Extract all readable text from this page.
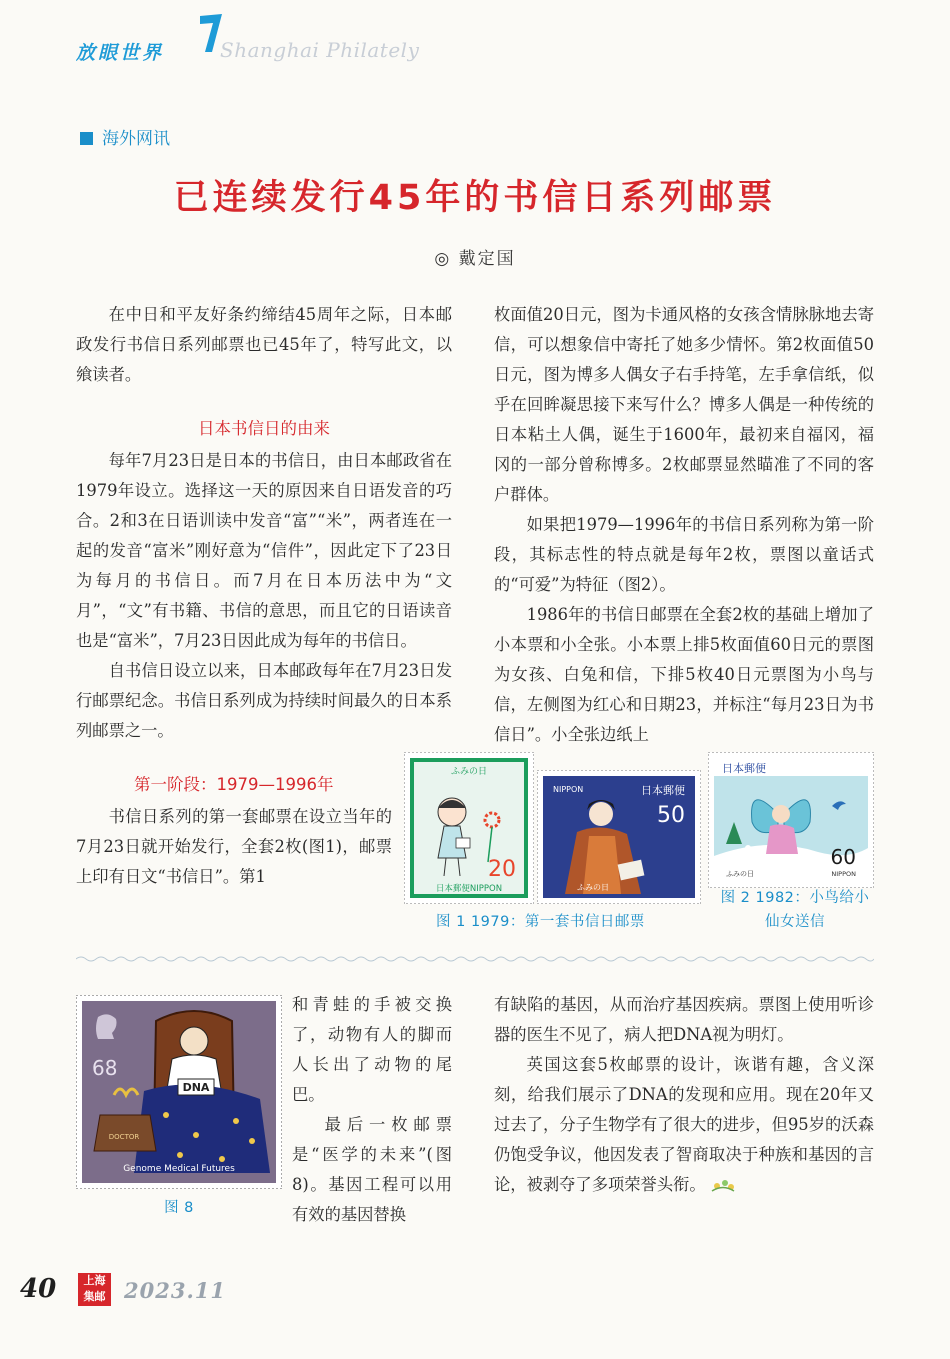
放眼世界	Shanghai Philately
海外网讯
已连续发行45年的书信日系列邮票
◎ 戴定国

在中日和平友好条约缔结45周年之际，日本邮政发行书信日系列邮票也已45年了，特写此文，以飨读者。

日本书信日的由来

每年7月23日是日本的书信日，由日本邮政省在1979年设立。选择这一天的原因来自日语发音的巧合。2和3在日语训读中发音“富”“米”，两者连在一起的发音“富米”刚好意为“信件”，因此定下了23日为每月的书信日。而7月在日本历法中为“文月”，“文”有书籍、书信的意思，而且它的日语读音也是“富米”，7月23日因此成为每年的书信日。

自书信日设立以来，日本邮政每年在7月23日发行邮票纪念。书信日系列成为持续时间最久的日本系列邮票之一。

第一阶段：1979—1996年

书信日系列的第一套邮票在设立当年的7月23日就开始发行，全套2枚(图1)，邮票上印有日文“书信日”。第1

枚面值20日元，图为卡通风格的女孩含情脉脉地去寄信，可以想象信中寄托了她多少情怀。第2枚面值50日元，图为博多人偶女子右手持笔，左手拿信纸，似乎在回眸凝思接下来写什么？博多人偶是一种传统的日本粘土人偶，诞生于1600年，最初来自福冈，福冈的一部分曾称博多。2枚邮票显然瞄准了不同的客户群体。

如果把1979—1996年的书信日系列称为第一阶段，其标志性的特点就是每年2枚，票图以童话式的“可爱”为特征（图2）。

1986年的书信日邮票在全套2枚的基础上增加了小本票和小全张。小本票上排5枚面值60日元的票图为女孩、白兔和信，下排5枚40日元票图为小鸟与信，左侧图为红心和日期23，并标注“每月23日为书信日”。小全张边纸上

ふみの日
20
日本郵便NIPPON
NIPPON	日本郵便
50
ふみの日
日本郵便
60
NIPPON
ふみの日
图 1 1979：第一套书信日邮票
图 2 1982：小鸟给小
仙女送信
68
DNA
DOCTOR
Genome Medical Futures
图 8

和青蛙的手被交换了，动物有人的脚而人长出了动物的尾巴。

最后一枚邮票是“医学的未来”(图8)。基因工程可以用有效的基因替换

有缺陷的基因，从而治疗基因疾病。票图上使用听诊器的医生不见了，病人把DNA视为明灯。

英国这套5枚邮票的设计，诙谐有趣，含义深刻，给我们展示了DNA的发现和应用。现在20年又过去了，分子生物学有了很大的进步，但95岁的沃森仍饱受争议，他因发表了智商取决于种族和基因的言论，被剥夺了多项荣誉头衔。

40 上海集邮 2023.11
